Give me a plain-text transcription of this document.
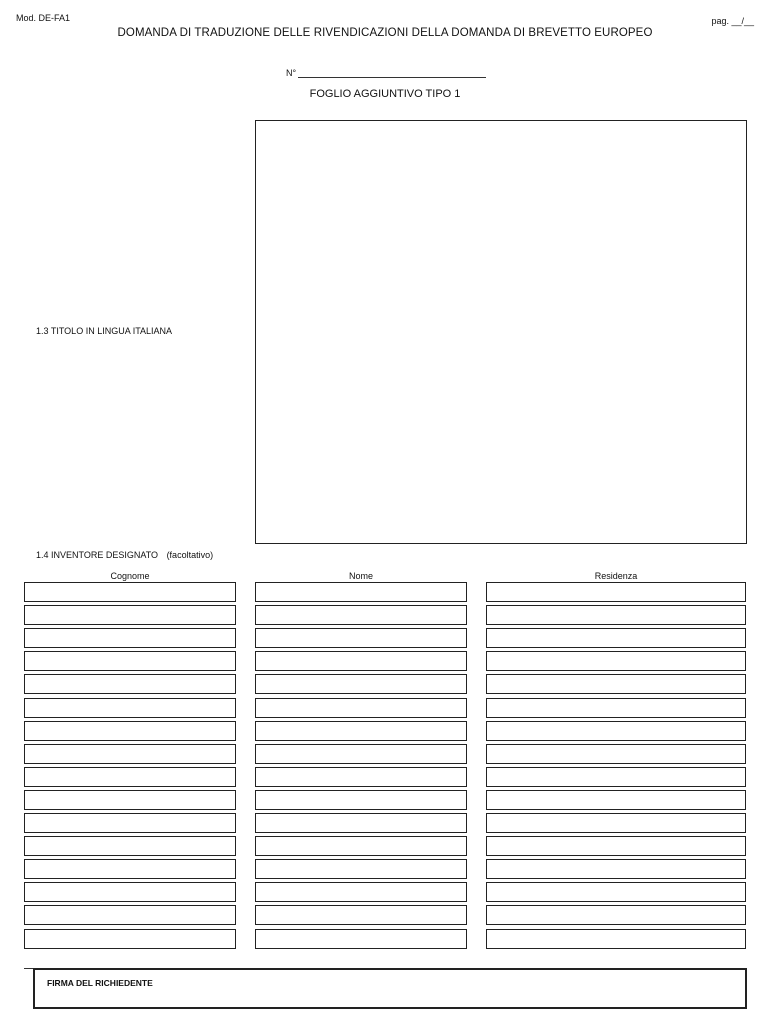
Mod. DE-FA1	pag. __/__
DOMANDA DI TRADUZIONE DELLE RIVENDICAZIONI DELLA DOMANDA DI BREVETTO EUROPEO
N°
FOGLIO AGGIUNTIVO TIPO 1
1.3 TITOLO IN LINGUA ITALIANA
1.4 INVENTORE DESIGNATO (facoltativo)
Cognome	Nome	Residenza
FIRMA DEL RICHIEDENTE
